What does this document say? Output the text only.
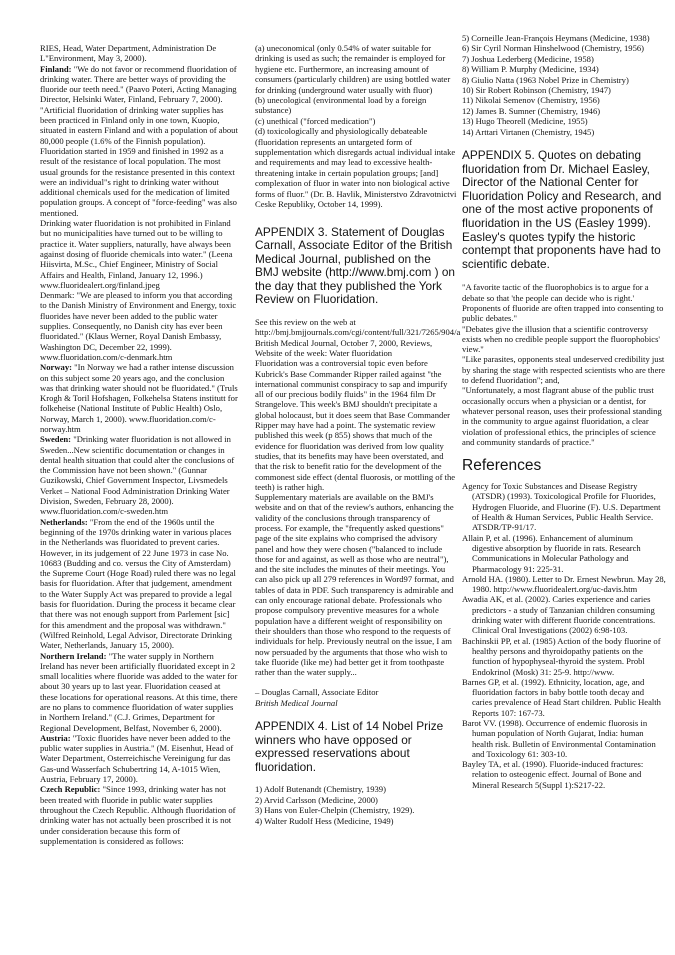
RIES, Head, Water Department, Administration De L"Environment, May 3, 2000).

Finland: "We do not favor or recommend fluoridation of drinking water. There are better ways of providing the fluoride our teeth need." (Paavo Poteri, Acting Managing Director, Helsinki Water, Finland, February 7, 2000).

"Artificial fluoridation of drinking water supplies has been practiced in Finland only in one town, Kuopio, situated in eastern Finland and with a population of about 80,000 people (1.6% of the Finnish population). Fluoridation started in 1959 and finished in 1992 as a result of the resistance of local population. The most usual grounds for the resistance presented in this context were an individual"s right to drinking water without additional chemicals used for the medication of limited population groups. A concept of "force-feeding" was also mentioned.

Drinking water fluoridation is not prohibited in Finland but no municipalities have turned out to be willing to practice it. Water suppliers, naturally, have always been against dosing of fluoride chemicals into water." (Leena Hiisvirta, M.Sc., Chief Engineer, Ministry of Social Affairs and Health, Finland, January 12, 1996.) www.fluoridealert.org/finland.jpeg

Denmark: "We are pleased to inform you that according to the Danish Ministry of Environment and Energy, toxic fluorides have never been added to the public water supplies. Consequently, no Danish city has ever been fluoridated." (Klaus Werner, Royal Danish Embassy, Washington DC, December 22, 1999). www.fluoridation.com/c-denmark.htm

Norway: "In Norway we had a rather intense discussion on this subject some 20 years ago, and the conclusion was that drinking water should not be fluoridated." (Truls Krogh & Toril Hofshagen, Folkehelsa Statens institutt for folkeheise (National Institute of Public Health) Oslo, Norway, March 1, 2000). www.fluoridation.com/c-norway.htm

Sweden: "Drinking water fluoridation is not allowed in Sweden...New scientific documentation or changes in dental health situation that could alter the conclusions of the Commission have not been shown." (Gunnar Guzikowski, Chief Government Inspector, Livsmedels Verket – National Food Administration Drinking Water Division, Sweden, February 28, 2000). www.fluoridation.com/c-sweden.htm

Netherlands: "From the end of the 1960s until the beginning of the 1970s drinking water in various places in the Netherlands was fluoridated to prevent caries. However, in its judgement of 22 June 1973 in case No. 10683 (Budding and co. versus the City of Amsterdam) the Supreme Court (Hoge Road) ruled there was no legal basis for fluoridation. After that judgement, amendment to the Water Supply Act was prepared to provide a legal basis for fluoridation. During the process it became clear that there was not enough support from Parlement [sic] for this amendment and the proposal was withdrawn." (Wilfred Reinhold, Legal Advisor, Directorate Drinking Water, Netherlands, January 15, 2000).

Northern Ireland: "The water supply in Northern Ireland has never been artificially fluoridated except in 2 small localities where fluoride was added to the water for about 30 years up to last year. Fluoridation ceased at these locations for operational reasons. At this time, there are no plans to commence fluoridation of water supplies in Northern Ireland." (C.J. Grimes, Department for Regional Development, Belfast, November 6, 2000).

Austria: "Toxic fluorides have never been added to the public water supplies in Austria." (M. Eisenhut, Head of Water Department, Osterreichische Vereinigung fur das Gas-und Wasserfach Schubertring 14, A-1015 Wien, Austria, February 17, 2000).

Czech Republic: "Since 1993, drinking water has not been treated with fluoride in public water supplies throughout the Czech Republic. Although fluoridation of drinking water has not actually been proscribed it is not under consideration because this form of supplementation is considered as follows:

(a) uneconomical (only 0.54% of water suitable for drinking is used as such; the remainder is employed for hygiene etc. Furthermore, an increasing amount of consumers (particularly children) are using bottled water for drinking (underground water usually with fluor)
(b) unecological (environmental load by a foreign substance)
(c) unethical ("forced medication")
(d) toxicologically and physiologically debateable (fluoridation represents an untargeted form of supplementation which disregards actual individual intake and requirements and may lead to excessive health-threatening intake in certain population groups; [and] complexation of fluor in water into non biological active forms of fluor." (Dr. B. Havlik, Ministerstvo Zdravotnictvi Ceske Republiky, October 14, 1999).

APPENDIX 3. Statement of Douglas Carnall, Associate Editor of the British Medical Journal, published on the BMJ website (http://www.bmj.com ) on the day that they published the York Review on Fluoridation.

See this review on the web at http://bmj.bmjjournals.com/cgi/content/full/321/7265/904/a British Medical Journal, October 7, 2000, Reviews, Website of the week: Water fluoridation

Fluoridation was a controversial topic even before Kubrick's Base Commander Ripper railed against "the international communist conspiracy to sap and impurify all of our precious bodily fluids" in the 1964 film Dr Strangelove. This week's BMJ shouldn't precipitate a global holocaust, but it does seem that Base Commander Ripper may have had a point. The systematic review published this week (p 855) shows that much of the evidence for fluoridation was derived from low quality studies, that its benefits may have been overstated, and that the risk to benefit ratio for the development of the commonest side effect (dental fluorosis, or mottling of the teeth) is rather high.

Supplementary materials are available on the BMJ's website and on that of the review's authors, enhancing the validity of the conclusions through transparency of process. For example, the "frequently asked questions" page of the site explains who comprised the advisory panel and how they were chosen ("balanced to include those for and against, as well as those who are neutral"), and the site includes the minutes of their meetings. You can also pick up all 279 references in Word97 format, and tables of data in PDF. Such transparency is admirable and can only encourage rational debate. Professionals who propose compulsory preventive measures for a whole population have a different weight of responsibility on their shoulders than those who respond to the requests of individuals for help. Previously neutral on the issue, I am now persuaded by the arguments that those who wish to take fluoride (like me) had better get it from toothpaste rather than the water supply...

– Douglas Carnall, Associate Editor

British Medical Journal

APPENDIX 4. List of 14 Nobel Prize winners who have opposed or expressed reservations about fluoridation.

1) Adolf Butenandt (Chemistry, 1939)
2) Arvid Carlsson (Medicine, 2000)
3) Hans von Euler-Chelpin (Chemistry, 1929).
4) Walter Rudolf Hess (Medicine, 1949)
5) Corneille Jean-François Heymans (Medicine, 1938)
6) Sir Cyril Norman Hinshelwood (Chemistry, 1956)
7) Joshua Lederberg (Medicine, 1958)
8) William P. Murphy (Medicine, 1934)
8) Giulio Natta (1963 Nobel Prize in Chemistry)
10) Sir Robert Robinson (Chemistry, 1947)
11) Nikolai Semenov (Chemistry, 1956)
12) James B. Sumner (Chemistry, 1946)
13) Hugo Theorell (Medicine, 1955)
14) Arttari Virtanen (Chemistry, 1945)

APPENDIX 5. Quotes on debating fluoridation from Dr. Michael Easley, Director of the National Center for Fluoridation Policy and Research, and one of the most active proponents of fluoridation in the US (Easley 1999). Easley's quotes typify the historic contempt that proponents have had to scientific debate.

"A favorite tactic of the fluorophobics is to argue for a debate so that 'the people can decide who is right.' Proponents of fluoride are often trapped into consenting to public debates."

"Debates give the illusion that a scientific controversy exists when no credible people support the fluorophobics' view."

"Like parasites, opponents steal undeserved credibility just by sharing the stage with respected scientists who are there to defend fluoridation"; and,

"Unfortunately, a most flagrant abuse of the public trust occasionally occurs when a physician or a dentist, for whatever personal reason, uses their professional standing in the community to argue against fluoridation, a clear violation of professional ethics, the principles of science and community standards of practice."

References

Agency for Toxic Substances and Disease Registry (ATSDR) (1993). Toxicological Profile for Fluorides, Hydrogen Fluoride, and Fluorine (F). U.S. Department of Health & Human Services, Public Health Service. ATSDR/TP-91/17.

Allain P, et al. (1996). Enhancement of aluminum digestive absorption by fluoride in rats. Research Communications in Molecular Pathology and Pharmacology 91: 225-31.

Arnold HA. (1980). Letter to Dr. Ernest Newbrun. May 28, 1980. http://www.fluoridealert.org/uc-davis.htm

Awadia AK, et al. (2002). Caries experience and caries predictors - a study of Tanzanian children consuming drinking water with different fluoride concentrations. Clinical Oral Investigations (2002) 6:98-103.

Bachinskii PP, et al. (1985) Action of the body fluorine of healthy persons and thyroidopathy patients on the function of hypophyseal-thyroid the system. Probl Endokrinol (Mosk) 31: 25-9. http://www.

Barnes GP, et al. (1992). Ethnicity, location, age, and fluoridation factors in baby bottle tooth decay and caries prevalence of Head Start children. Public Health Reports 107: 167-73.

Barot VV. (1998). Occurrence of endemic fluorosis in human population of North Gujarat, India: human health risk. Bulletin of Environmental Contamination and Toxicology 61: 303-10.

Bayley TA, et al. (1990). Fluoride-induced fractures: relation to osteogenic effect. Journal of Bone and Mineral Research 5(Suppl 1):S217-22.
